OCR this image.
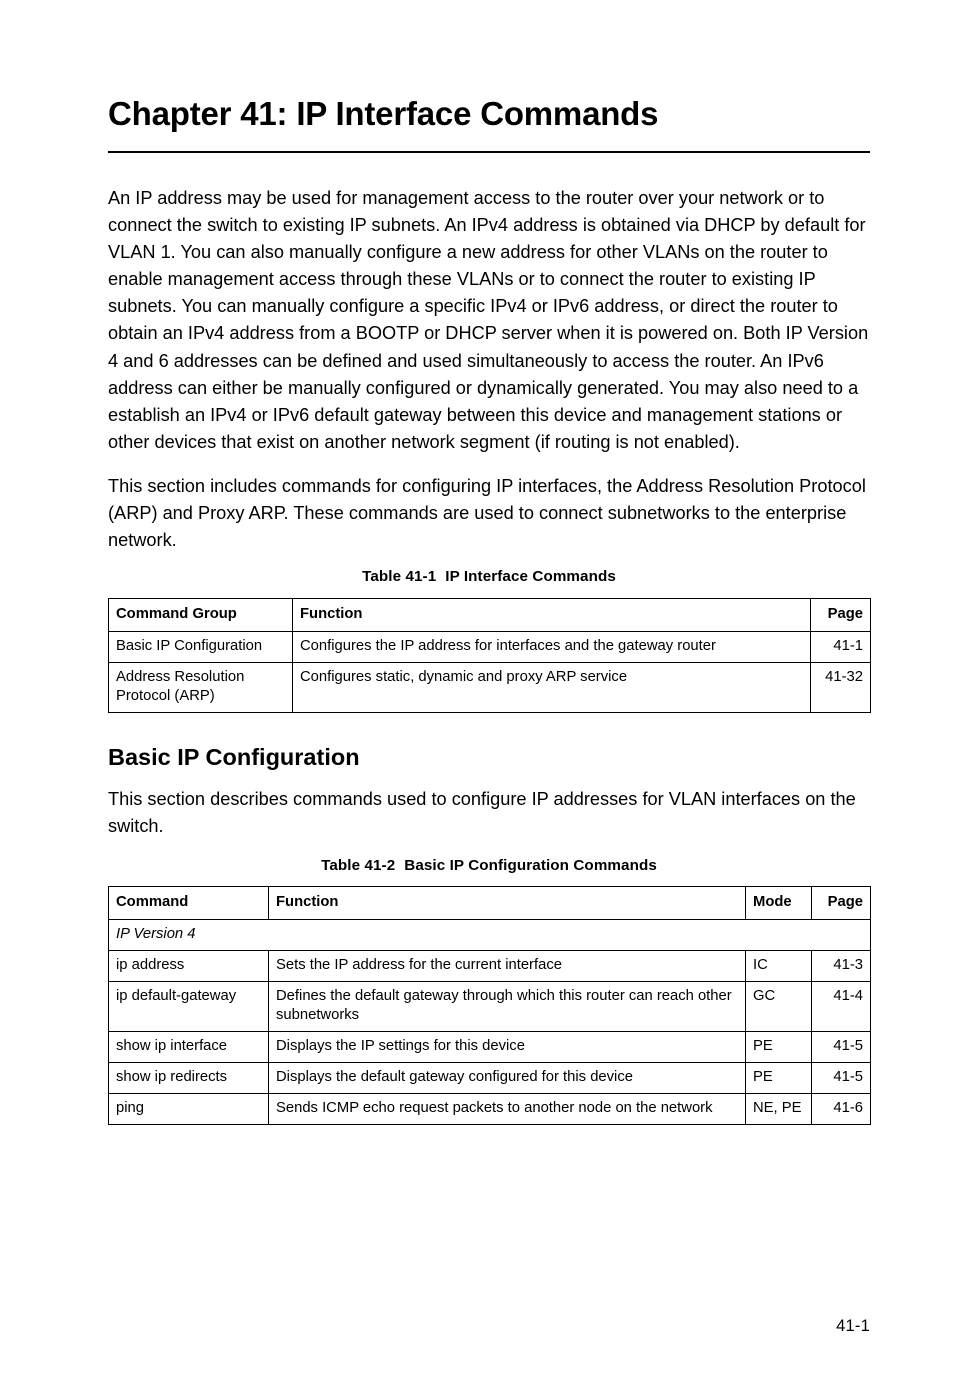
Chapter 41: IP Interface Commands

An IP address may be used for management access to the router over your network or to connect the switch to existing IP subnets. An IPv4 address is obtained via DHCP by default for VLAN 1. You can also manually configure a new address for other VLANs on the router to enable management access through these VLANs or to connect the router to existing IP subnets. You can manually configure a specific IPv4 or IPv6 address, or direct the router to obtain an IPv4 address from a BOOTP or DHCP server when it is powered on. Both IP Version 4 and 6 addresses can be defined and used simultaneously to access the router. An IPv6 address can either be manually configured or dynamically generated. You may also need to a establish an IPv4 or IPv6 default gateway between this device and management stations or other devices that exist on another network segment (if routing is not enabled).

This section includes commands for configuring IP interfaces, the Address Resolution Protocol (ARP) and Proxy ARP. These commands are used to connect subnetworks to the enterprise network.

Table 41-1 IP Interface Commands
Command Group	Function	Page
Basic IP Configuration	Configures the IP address for interfaces and the gateway router	41-1
Address Resolution Protocol (ARP)	Configures static, dynamic and proxy ARP service	41-32
Basic IP Configuration

This section describes commands used to configure IP addresses for VLAN interfaces on the switch.

Table 41-2 Basic IP Configuration Commands
Command	Function	Mode	Page
IP Version 4			
ip address	Sets the IP address for the current interface	IC	41-3
ip default-gateway	Defines the default gateway through which this router can reach other subnetworks	GC	41-4
show ip interface	Displays the IP settings for this device	PE	41-5
show ip redirects	Displays the default gateway configured for this device	PE	41-5
ping	Sends ICMP echo request packets to another node on the network	NE, PE	41-6
41-1
